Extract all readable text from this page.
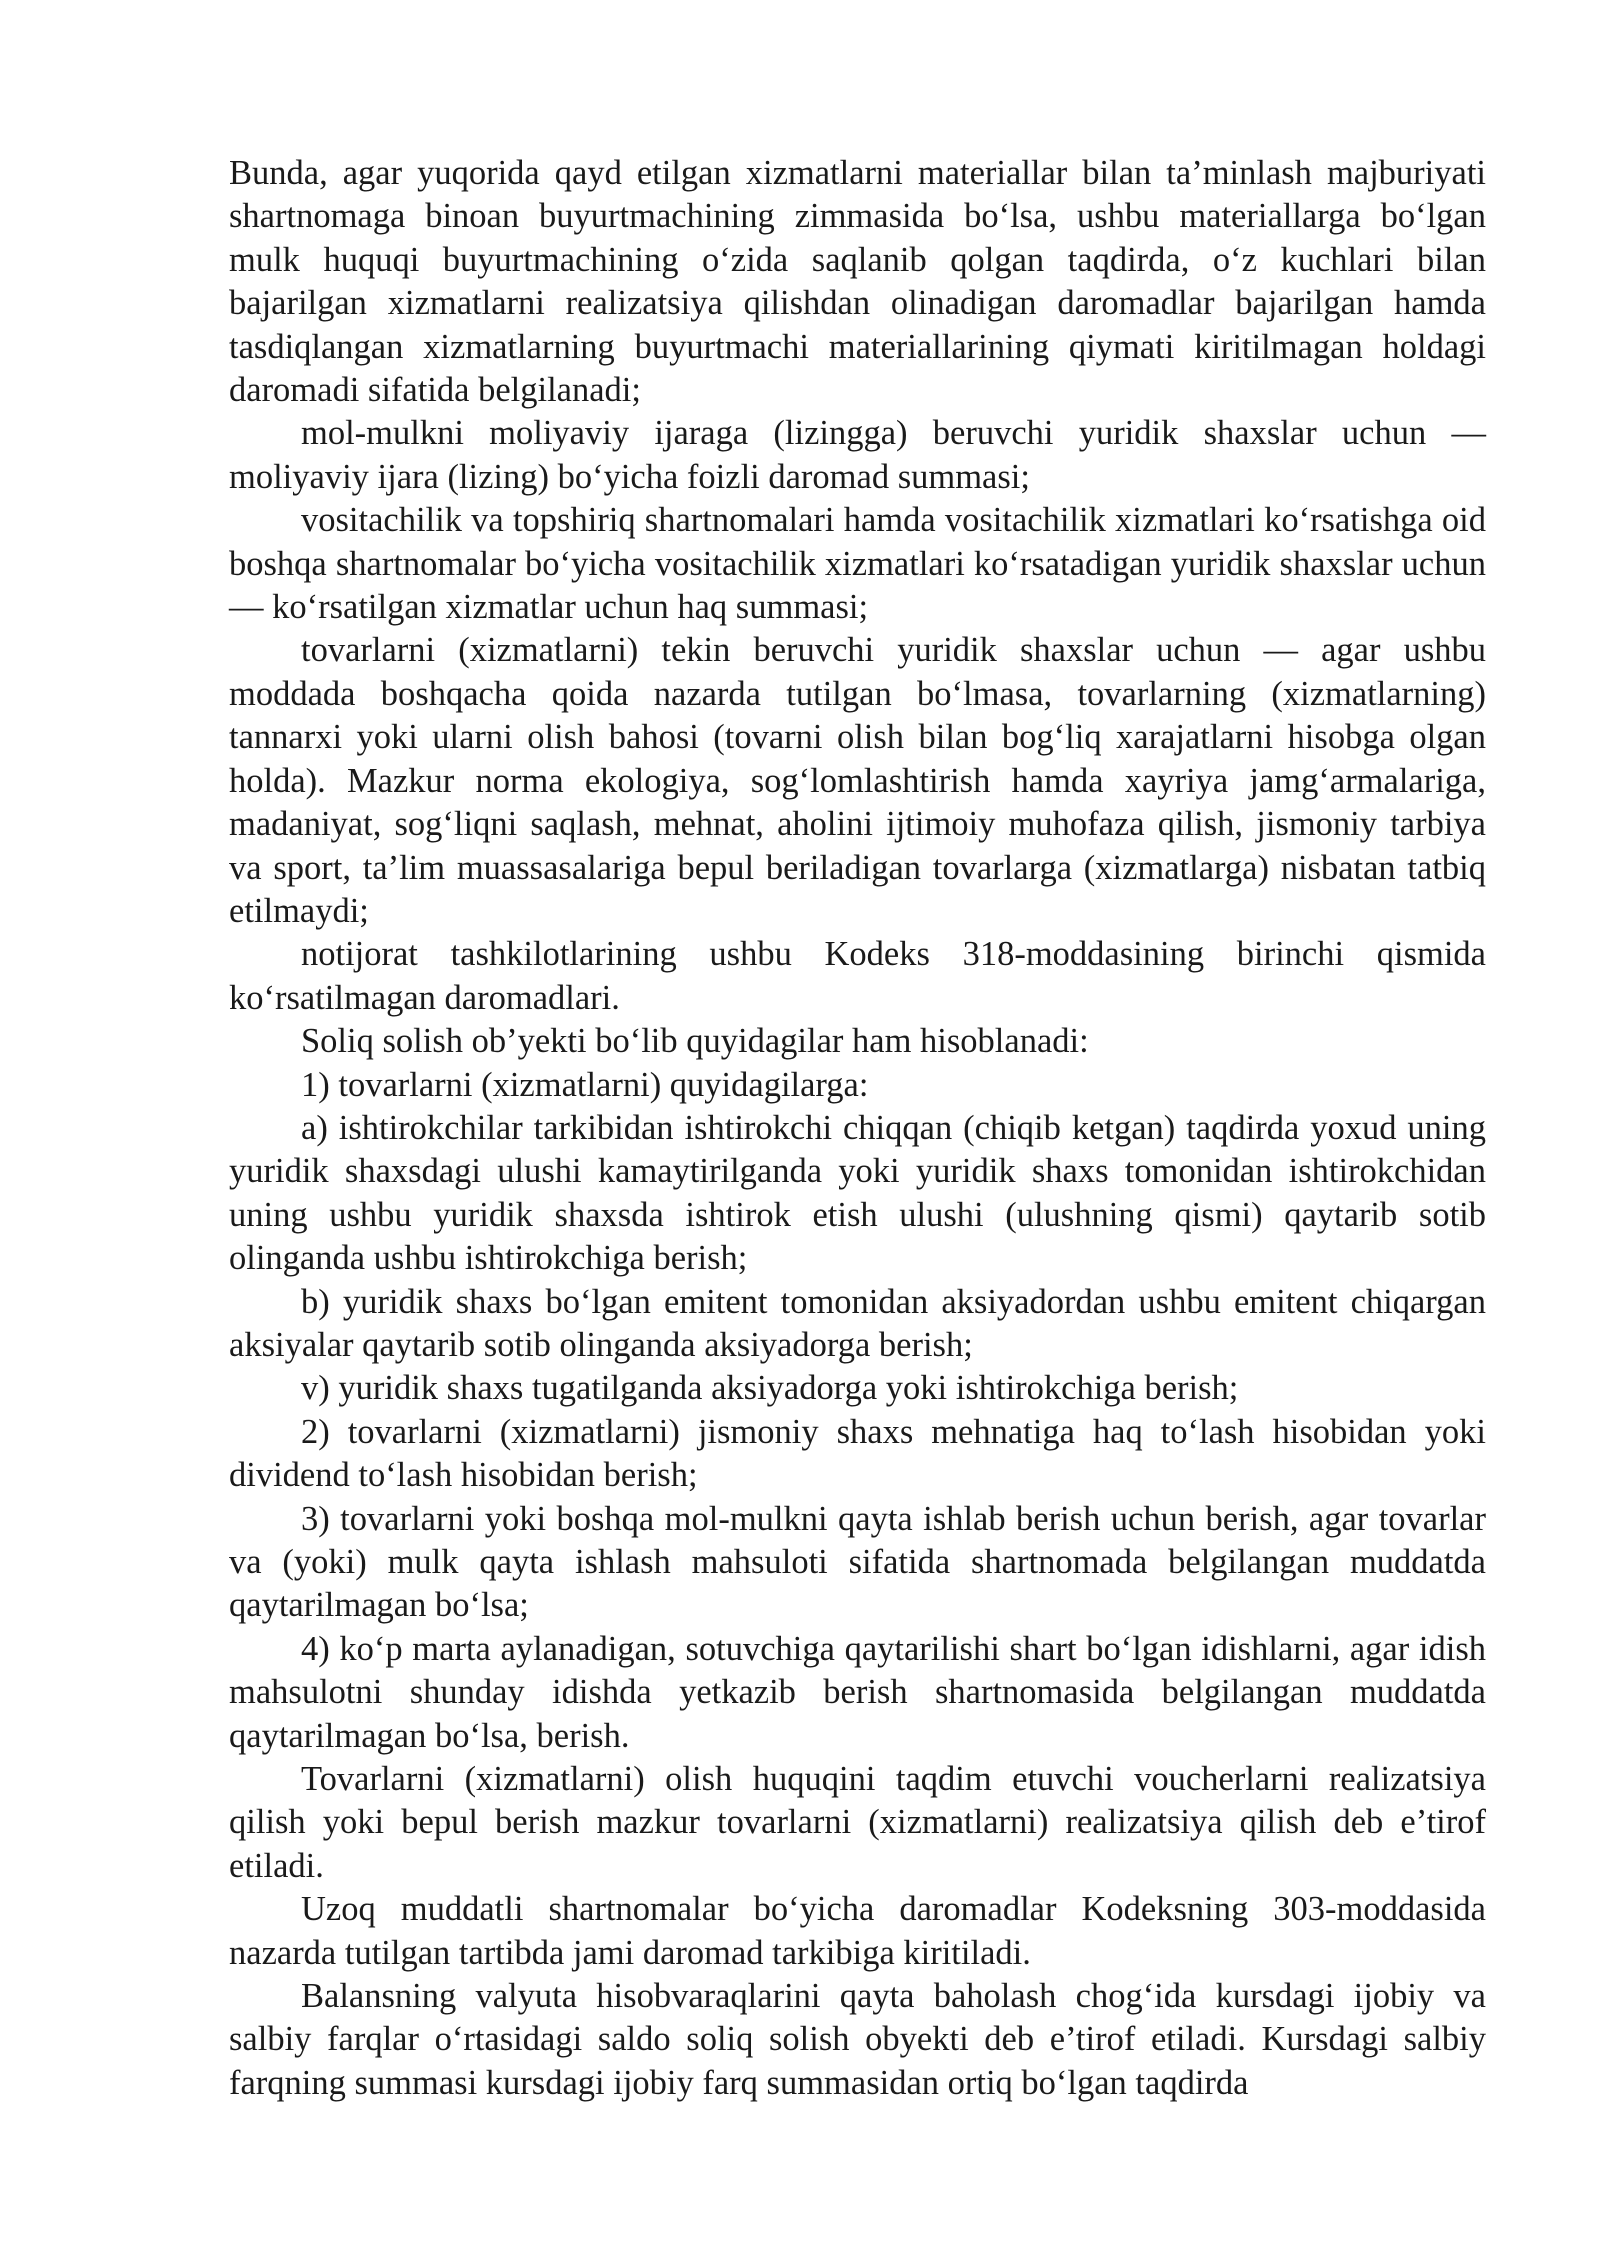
Bunda, agar yuqorida qayd etilgan xizmatlarni materiallar bilan ta’minlash majburiyati shartnomaga binoan buyurtmachining zimmasida bo‘lsa, ushbu materiallarga bo‘lgan mulk huquqi buyurtmachining o‘zida saqlanib qolgan taqdirda, o‘z kuchlari bilan bajarilgan xizmatlarni realizatsiya qilishdan olinadigan daromadlar bajarilgan hamda tasdiqlangan xizmatlarning buyurtmachi materiallarining qiymati kiritilmagan holdagi daromadi sifatida belgilanadi;

mol-mulkni moliyaviy ijaraga (lizingga) beruvchi yuridik shaxslar uchun — moliyaviy ijara (lizing) bo‘yicha foizli daromad summasi;

vositachilik va topshiriq shartnomalari hamda vositachilik xizmatlari ko‘rsatishga oid boshqa shartnomalar bo‘yicha vositachilik xizmatlari ko‘rsatadigan yuridik shaxslar uchun — ko‘rsatilgan xizmatlar uchun haq summasi;

tovarlarni (xizmatlarni) tekin beruvchi yuridik shaxslar uchun — agar ushbu moddada boshqacha qoida nazarda tutilgan bo‘lmasa, tovarlarning (xizmatlarning) tannarxi yoki ularni olish bahosi (tovarni olish bilan bog‘liq xarajatlarni hisobga olgan holda). Mazkur norma ekologiya, sog‘lomlashtirish hamda xayriya jamg‘armalariga, madaniyat, sog‘liqni saqlash, mehnat, aholini ijtimoiy muhofaza qilish, jismoniy tarbiya va sport, ta’lim muassasalariga bepul beriladigan tovarlarga (xizmatlarga) nisbatan tatbiq etilmaydi;

notijorat tashkilotlarining ushbu Kodeks 318-moddasining birinchi qismida ko‘rsatilmagan daromadlari.

Soliq solish ob’yekti bo‘lib quyidagilar ham hisoblanadi:

1) tovarlarni (xizmatlarni) quyidagilarga:

a) ishtirokchilar tarkibidan ishtirokchi chiqqan (chiqib ketgan) taqdirda yoxud uning yuridik shaxsdagi ulushi kamaytirilganda yoki yuridik shaxs tomonidan ishtirokchidan uning ushbu yuridik shaxsda ishtirok etish ulushi (ulushning qismi) qaytarib sotib olinganda ushbu ishtirokchiga berish;

b) yuridik shaxs bo‘lgan emitent tomonidan aksiyadordan ushbu emitent chiqargan aksiyalar qaytarib sotib olinganda aksiyadorga berish;

v) yuridik shaxs tugatilganda aksiyadorga yoki ishtirokchiga berish;

2) tovarlarni (xizmatlarni) jismoniy shaxs mehnatiga haq to‘lash hisobidan yoki dividend to‘lash hisobidan berish;

3) tovarlarni yoki boshqa mol-mulkni qayta ishlab berish uchun berish, agar tovarlar va (yoki) mulk qayta ishlash mahsuloti sifatida shartnomada belgilangan muddatda qaytarilmagan bo‘lsa;

4) ko‘p marta aylanadigan, sotuvchiga qaytarilishi shart bo‘lgan idishlarni, agar idish mahsulotni shunday idishda yetkazib berish shartnomasida belgilangan muddatda qaytarilmagan bo‘lsa, berish.

Tovarlarni (xizmatlarni) olish huquqini taqdim etuvchi voucherlarni realizatsiya qilish yoki bepul berish mazkur tovarlarni (xizmatlarni) realizatsiya qilish deb e’tirof etiladi.

Uzoq muddatli shartnomalar bo‘yicha daromadlar Kodeksning 303-moddasida nazarda tutilgan tartibda jami daromad tarkibiga kiritiladi.

Balansning valyuta hisobvaraqlarini qayta baholash chog‘ida kursdagi ijobiy va salbiy farqlar o‘rtasidagi saldo soliq solish obyekti deb e’tirof etiladi. Kursdagi salbiy farqning summasi kursdagi ijobiy farq summasidan ortiq bo‘lgan taqdirda
